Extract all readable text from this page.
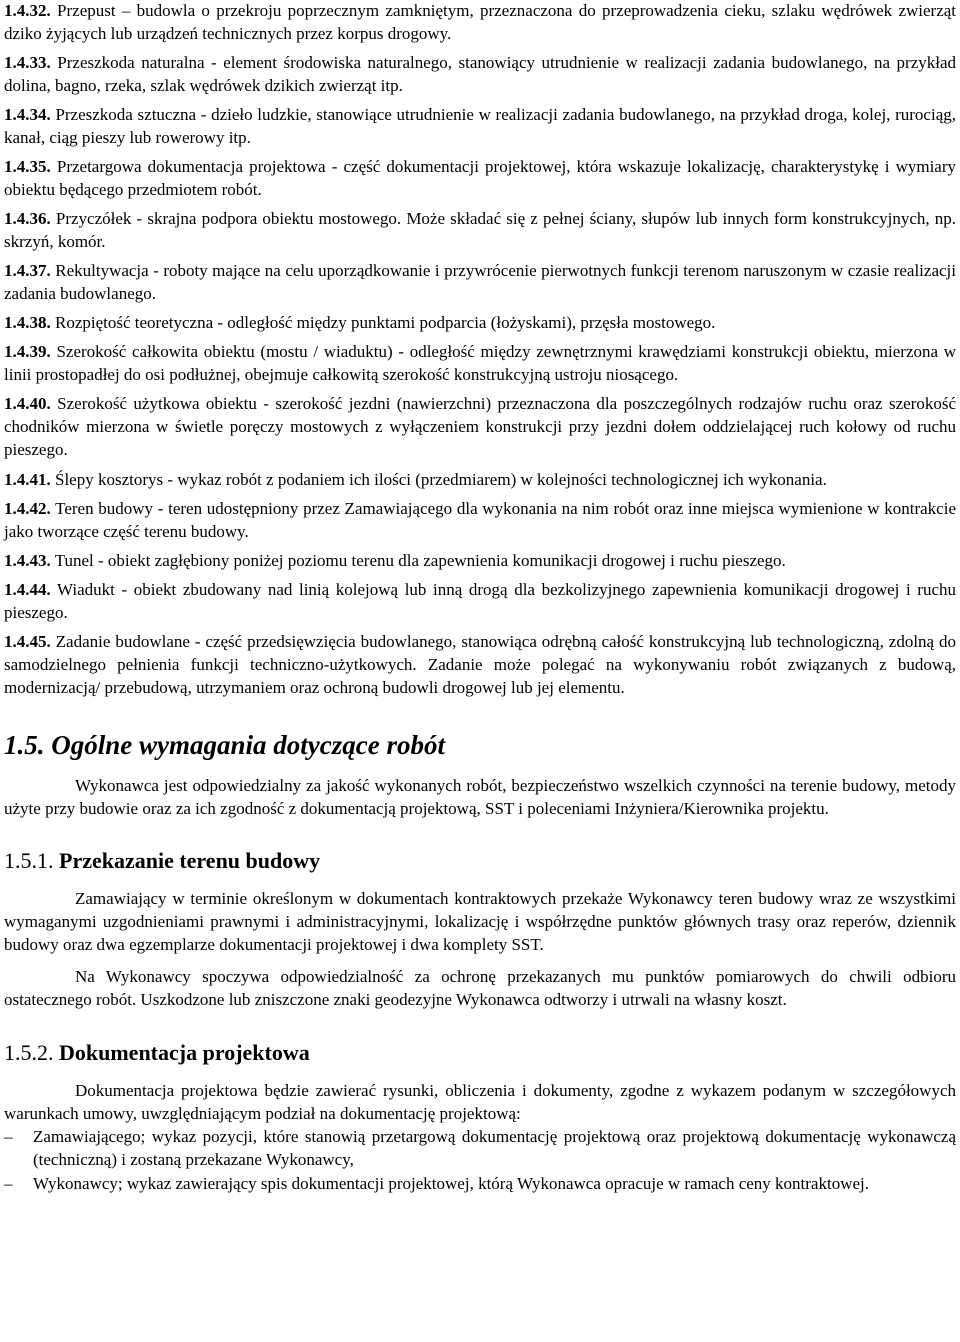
1.4.32. Przepust – budowla o przekroju poprzecznym zamkniętym, przeznaczona do przeprowadzenia cieku, szlaku wędrówek zwierząt dziko żyjących lub urządzeń technicznych przez korpus drogowy.

1.4.33. Przeszkoda naturalna - element środowiska naturalnego, stanowiący utrudnienie w realizacji zadania budowlanego, na przykład dolina, bagno, rzeka, szlak wędrówek dzikich zwierząt itp.

1.4.34. Przeszkoda sztuczna - dzieło ludzkie, stanowiące utrudnienie w realizacji zadania budowlanego, na przykład droga, kolej, rurociąg, kanał, ciąg pieszy lub rowerowy itp.

1.4.35. Przetargowa dokumentacja projektowa - część dokumentacji projektowej, która wskazuje lokalizację, charakterystykę i wymiary obiektu będącego przedmiotem robót.

1.4.36. Przyczółek - skrajna podpora obiektu mostowego. Może składać się z pełnej ściany, słupów lub innych form konstrukcyjnych, np. skrzyń, komór.

1.4.37. Rekultywacja - roboty mające na celu uporządkowanie i przywrócenie pierwotnych funkcji terenom naruszonym w czasie realizacji zadania budowlanego.

1.4.38. Rozpiętość teoretyczna - odległość między punktami podparcia (łożyskami), przęsła mostowego.

1.4.39. Szerokość całkowita obiektu (mostu / wiaduktu) - odległość między zewnętrznymi krawędziami konstrukcji obiektu, mierzona w linii prostopadłej do osi podłużnej, obejmuje całkowitą szerokość konstrukcyjną ustroju niosącego.

1.4.40. Szerokość użytkowa obiektu - szerokość jezdni (nawierzchni) przeznaczona dla poszczególnych rodzajów ruchu oraz szerokość chodników mierzona w świetle poręczy mostowych z wyłączeniem konstrukcji przy jezdni dołem oddzielającej ruch kołowy od ruchu pieszego.

1.4.41. Ślepy kosztorys - wykaz robót z podaniem ich ilości (przedmiarem) w kolejności technologicznej ich wykonania.

1.4.42. Teren budowy - teren udostępniony przez Zamawiającego dla wykonania na nim robót oraz inne miejsca wymienione w kontrakcie jako tworzące część terenu budowy.

1.4.43. Tunel - obiekt zagłębiony poniżej poziomu terenu dla zapewnienia komunikacji drogowej i ruchu pieszego.

1.4.44. Wiadukt - obiekt zbudowany nad linią kolejową lub inną drogą dla bezkolizyjnego zapewnienia komunikacji drogowej i ruchu pieszego.

1.4.45. Zadanie budowlane - część przedsięwzięcia budowlanego, stanowiąca odrębną całość konstrukcyjną lub technologiczną, zdolną do samodzielnego pełnienia funkcji techniczno-użytkowych. Zadanie może polegać na wykonywaniu robót związanych z budową, modernizacją/ przebudową, utrzymaniem oraz ochroną budowli drogowej lub jej elementu.

1.5. Ogólne wymagania dotyczące robót

Wykonawca jest odpowiedzialny za jakość wykonanych robót, bezpieczeństwo wszelkich czynności na terenie budowy, metody użyte przy budowie oraz za ich zgodność z dokumentacją projektową, SST i poleceniami Inżyniera/Kierownika projektu.

1.5.1. Przekazanie terenu budowy

Zamawiający w terminie określonym w dokumentach kontraktowych przekaże Wykonawcy teren budowy wraz ze wszystkimi wymaganymi uzgodnieniami prawnymi i administracyjnymi, lokalizację i współrzędne punktów głównych trasy oraz reperów, dziennik budowy oraz dwa egzemplarze dokumentacji projektowej i dwa komplety SST.

Na Wykonawcy spoczywa odpowiedzialność za ochronę przekazanych mu punktów pomiarowych do chwili odbioru ostatecznego robót. Uszkodzone lub zniszczone znaki geodezyjne Wykonawca odtworzy i utrwali na własny koszt.

1.5.2. Dokumentacja projektowa

Dokumentacja projektowa będzie zawierać rysunki, obliczenia i dokumenty, zgodne z wykazem podanym w szczegółowych warunkach umowy, uwzględniającym podział na dokumentację projektową:

– Zamawiającego; wykaz pozycji, które stanowią przetargową dokumentację projektową oraz projektową dokumentację wykonawczą (techniczną) i zostaną przekazane Wykonawcy,
– Wykonawcy; wykaz zawierający spis dokumentacji projektowej, którą Wykonawca opracuje w ramach ceny kontraktowej.
